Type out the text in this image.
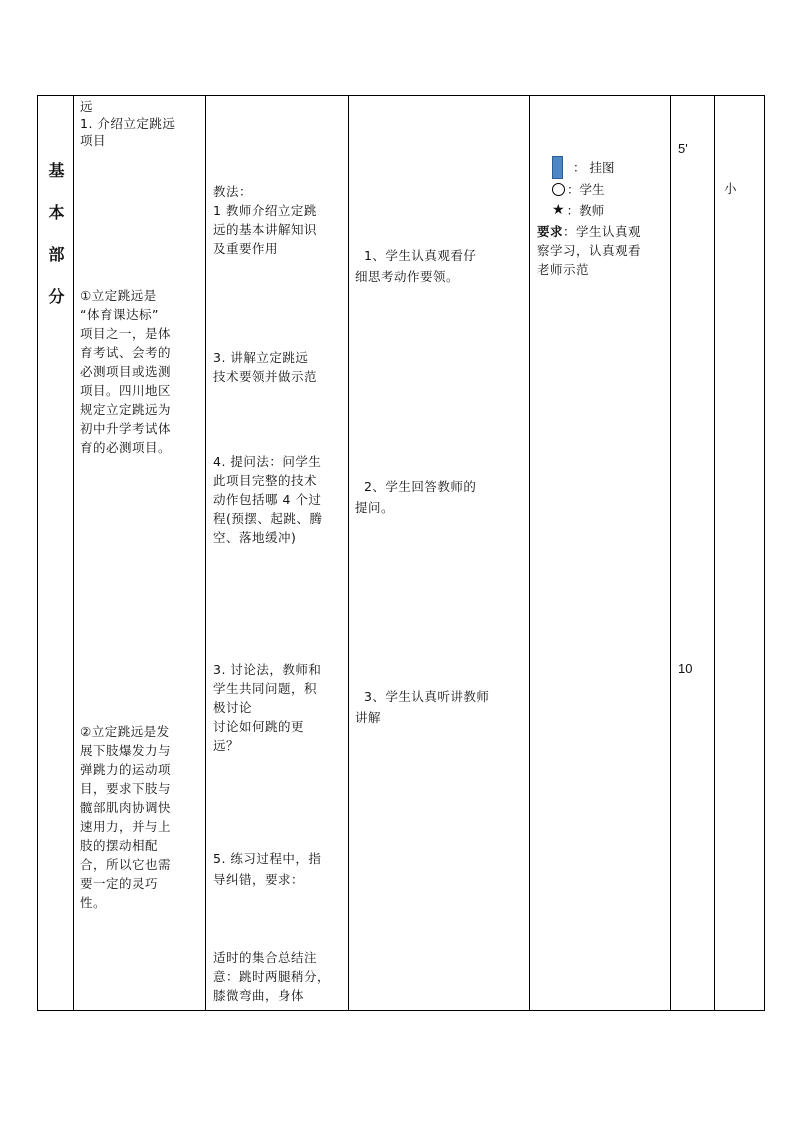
基
本
部
分
远
1. 介绍立定跳远
项目
①立定跳远是
“体育课达标”
项目之一，是体
育考试、会考的
必测项目或选测
项目。四川地区
规定立定跳远为
初中升学考试体
育的必测项目。
②立定跳远是发
展下肢爆发力与
弹跳力的运动项
目，要求下肢与
髋部肌肉协调快
速用力，并与上
肢的摆动相配
合，所以它也需
要一定的灵巧
性。
教法：
1 教师介绍立定跳
远的基本讲解知识
及重要作用
3. 讲解立定跳远
技术要领并做示范
4. 提问法：问学生
此项目完整的技术
动作包括哪 4 个过
程(预摆、起跳、腾
空、落地缓冲)
3. 讨论法，教师和
学生共同问题，积
极讨论
讨论如何跳的更
远？
5. 练习过程中，指
导纠错，要求：
适时的集合总结注
意：跳时两腿稍分，
膝微弯曲，身体
1、学生认真观看仔
细思考动作要领。
2、学生回答教师的
提问。
3、学生认真听讲教师
讲解
： 挂图
：学生
★ ：教师
要求：学生认真观
察学习，认真观看
老师示范
5'
10
小
